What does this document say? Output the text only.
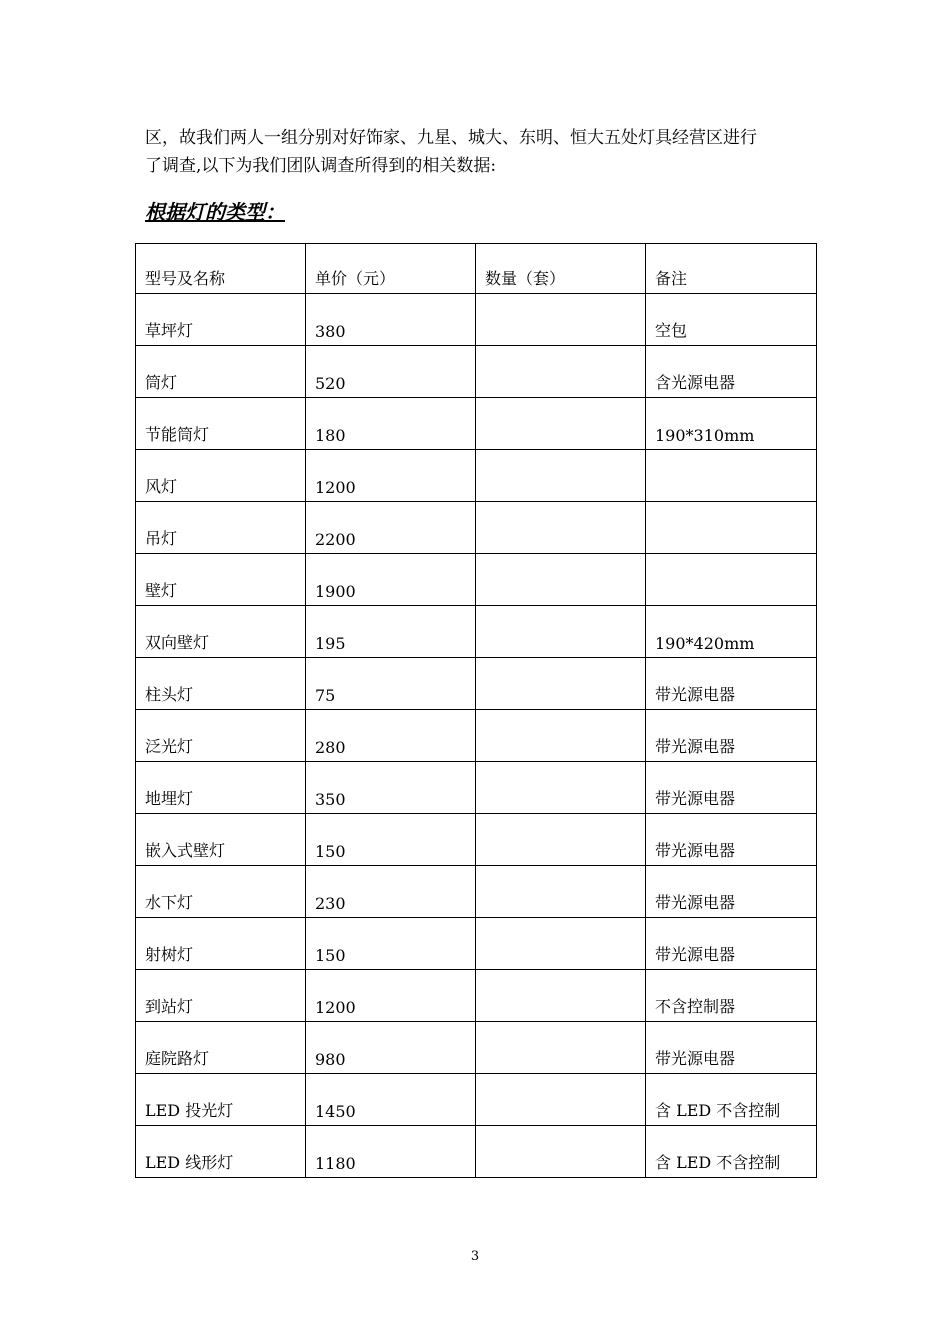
区，故我们两人一组分别对好饰家、九星、城大、东明、恒大五处灯具经营区进行

了调查,以下为我们团队调查所得到的相关数据:

根据灯的类型：
型号及名称	单价（元）	数量（套）	备注
草坪灯	380		空包
筒灯	520		含光源电器
节能筒灯	180		190*310mm
风灯	1200		
吊灯	2200		
壁灯	1900		
双向壁灯	195		190*420mm
柱头灯	75		带光源电器
泛光灯	280		带光源电器
地埋灯	350		带光源电器
嵌入式壁灯	150		带光源电器
水下灯	230		带光源电器
射树灯	150		带光源电器
到站灯	1200		不含控制器
庭院路灯	980		带光源电器
LED 投光灯	1450		含 LED 不含控制
LED 线形灯	1180		含 LED 不含控制
3
